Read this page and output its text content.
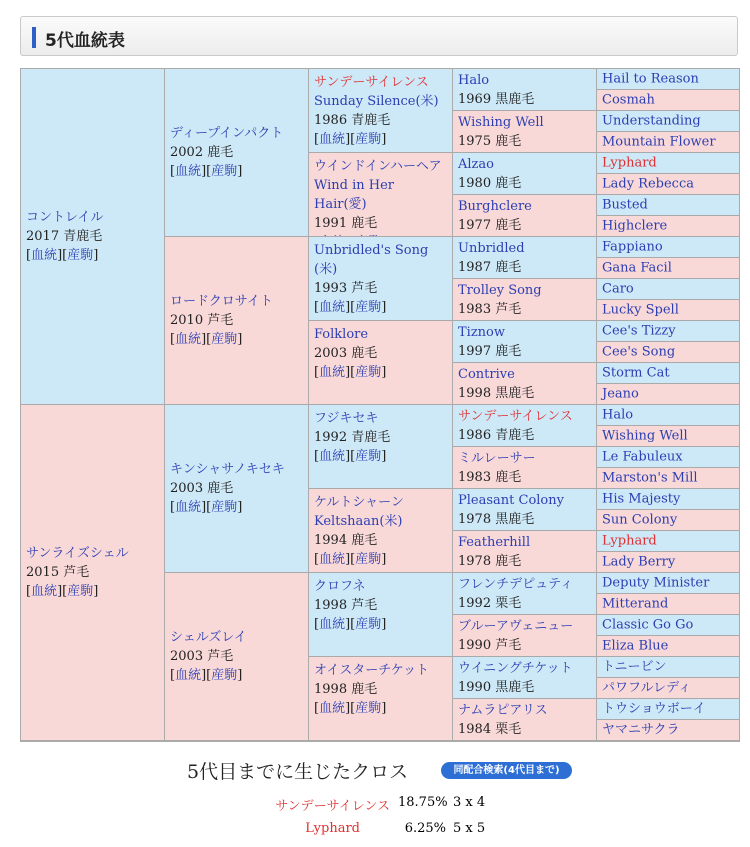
5代血統表
コントレイル
2017 青鹿毛
[血統][産駒]
サンライズシェル
2015 芦毛
[血統][産駒]
ディープインパクト
2002 鹿毛
[血統][産駒]
ロードクロサイト
2010 芦毛
[血統][産駒]
キンシャサノキセキ
2003 鹿毛
[血統][産駒]
シェルズレイ
2003 芦毛
[血統][産駒]
サンデーサイレンス
Sunday Silence(米)
1986 青鹿毛
[血統][産駒]
ウインドインハーヘア
Wind in Her Hair(愛)
1991 鹿毛
Unbridled's Song
(米)
1993 芦毛
[血統][産駒]
Folklore
2003 鹿毛
[血統][産駒]
フジキセキ
1992 青鹿毛
[血統][産駒]
ケルトシャーン
Keltshaan(米)
1994 鹿毛
[血統][産駒]
クロフネ
1998 芦毛
[血統][産駒]
オイスターチケット
1998 鹿毛
[血統][産駒]
Halo
1969 黒鹿毛
Wishing Well
1975 鹿毛
Alzao
1980 鹿毛
Burghclere
1977 鹿毛
Unbridled
1987 鹿毛
Trolley Song
1983 芦毛
Tiznow
1997 鹿毛
Contrive
1998 黒鹿毛
サンデーサイレンス
1986 青鹿毛
ミルレーサー
1983 鹿毛
Pleasant Colony
1978 黒鹿毛
Featherhill
1978 鹿毛
フレンチデピュティ
1992 栗毛
ブルーアヴェニュー
1990 芦毛
ウイニングチケット
1990 黒鹿毛
ナムラピアリス
1984 栗毛
Hail to Reason
Cosmah
Understanding
Mountain Flower
Lyphard
Lady Rebecca
Busted
Highclere
Fappiano
Gana Facil
Caro
Lucky Spell
Cee's Tizzy
Cee's Song
Storm Cat
Jeano
Halo
Wishing Well
Le Fabuleux
Marston's Mill
His Majesty
Sun Colony
Lyphard
Lady Berry
Deputy Minister
Mitterand
Classic Go Go
Eliza Blue
トニービン
パワフルレディ
トウショウボーイ
ヤマニサクラ
5代目までに生じたクロス	同配合検索(4代目まで)
サンデーサイレンス 18.75% 3 x 4
Lyphard	6.25% 5 x 5
